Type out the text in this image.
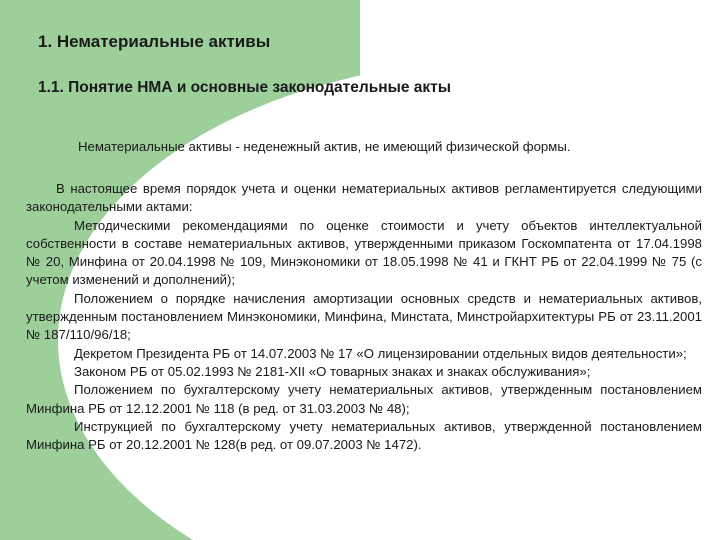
1. Нематериальные активы
1.1. Понятие НМА и основные законодательные акты

Нематериальные активы - неденежный актив, не имеющий физической формы.

В настоящее время порядок учета и оценки нематериальных активов регламентируется следующими законодательными актами:

Методическими рекомендациями по оценке стоимости и учету объектов интеллектуальной собственности в составе нематериальных активов, утвержденными приказом Госкомпатента от 17.04.1998 № 20, Минфина от 20.04.1998 № 109, Минэкономики от 18.05.1998 № 41 и ГКНТ РБ от 22.04.1999 № 75 (с учетом изменений и дополнений);

Положением о порядке начисления амортизации основных средств и нематериальных активов, утвержденным постановлением Минэкономики, Минфина, Минстата, Минстройархитектуры РБ от 23.11.2001 № 187/110/96/18;

Декретом Президента РБ от 14.07.2003 № 17 «О лицензировании отдельных видов деятельности»;

Законом РБ от 05.02.1993 № 2181-XII «О товарных знаках и знаках обслуживания»;

Положением по бухгалтерскому учету нематериальных активов, утвержденным постановлением Минфина РБ от 12.12.2001 № 118 (в ред. от 31.03.2003 № 48);

Инструкцией по бухгалтерскому учету нематериальных активов, утвержденной постановлением Минфина РБ от 20.12.2001 № 128(в ред. от 09.07.2003 № 1472).
